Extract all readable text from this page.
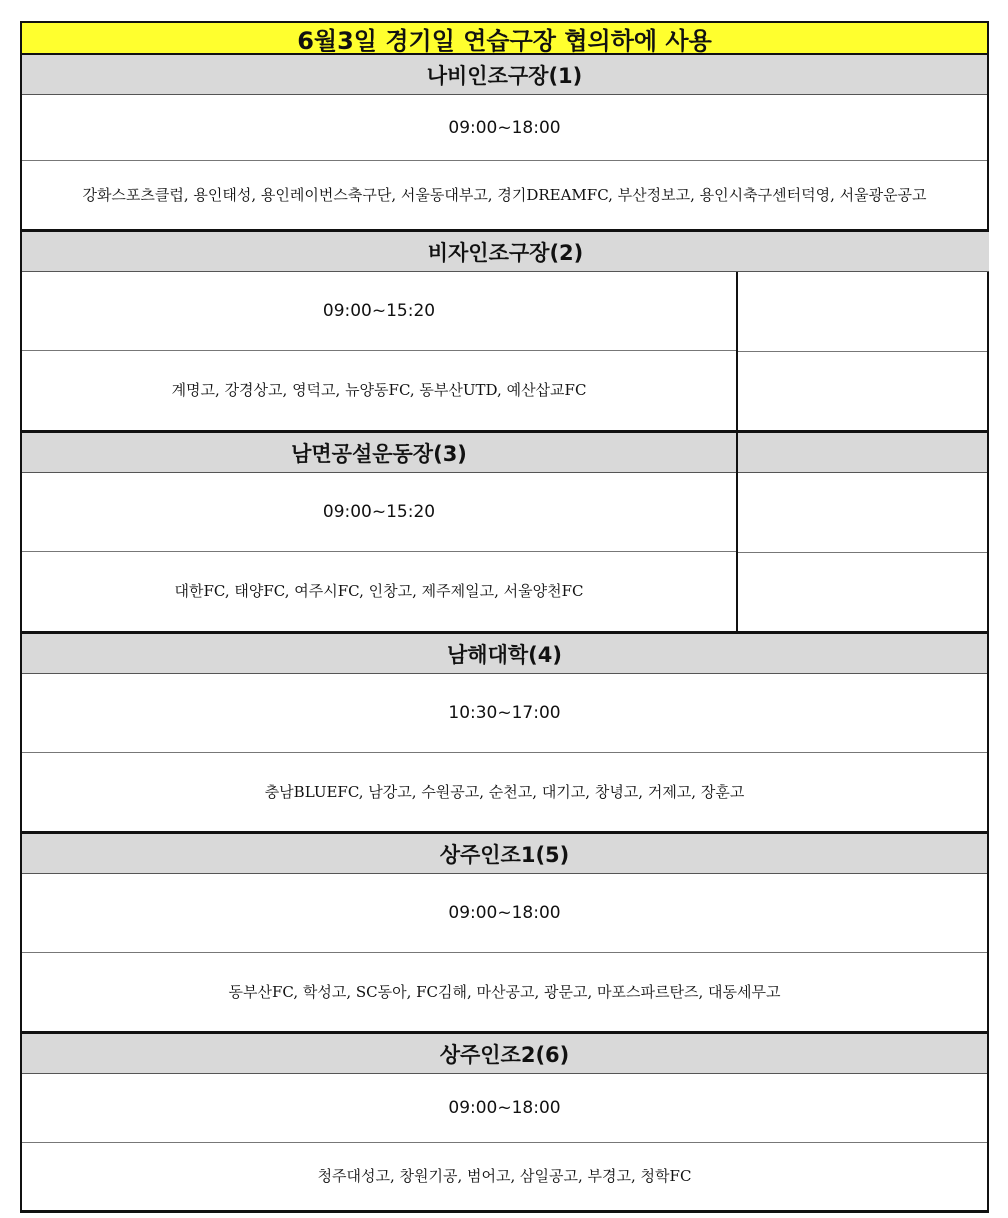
6월3일 경기일 연습구장 협의하에 사용
나비인조구장(1)
09:00~18:00
강화스포츠클럽, 용인태성, 용인레이번스축구단, 서울동대부고, 경기DREAMFC, 부산정보고, 용인시축구센터덕영, 서울광운공고
비자인조구장(2)
09:00~15:20
계명고, 강경상고, 영덕고, 뉴양동FC, 동부산UTD, 예산삽교FC
남면공설운동장(3)
09:00~15:20
대한FC, 태양FC, 여주시FC, 인창고, 제주제일고, 서울양천FC
남해대학(4)
10:30~17:00
충남BLUEFC, 남강고, 수원공고, 순천고, 대기고, 창녕고, 거제고, 장훈고
상주인조1(5)
09:00~18:00
동부산FC, 학성고, SC동아, FC김해, 마산공고, 광문고, 마포스파르탄즈, 대동세무고
상주인조2(6)
09:00~18:00
청주대성고, 창원기공, 범어고, 삼일공고, 부경고, 청학FC
